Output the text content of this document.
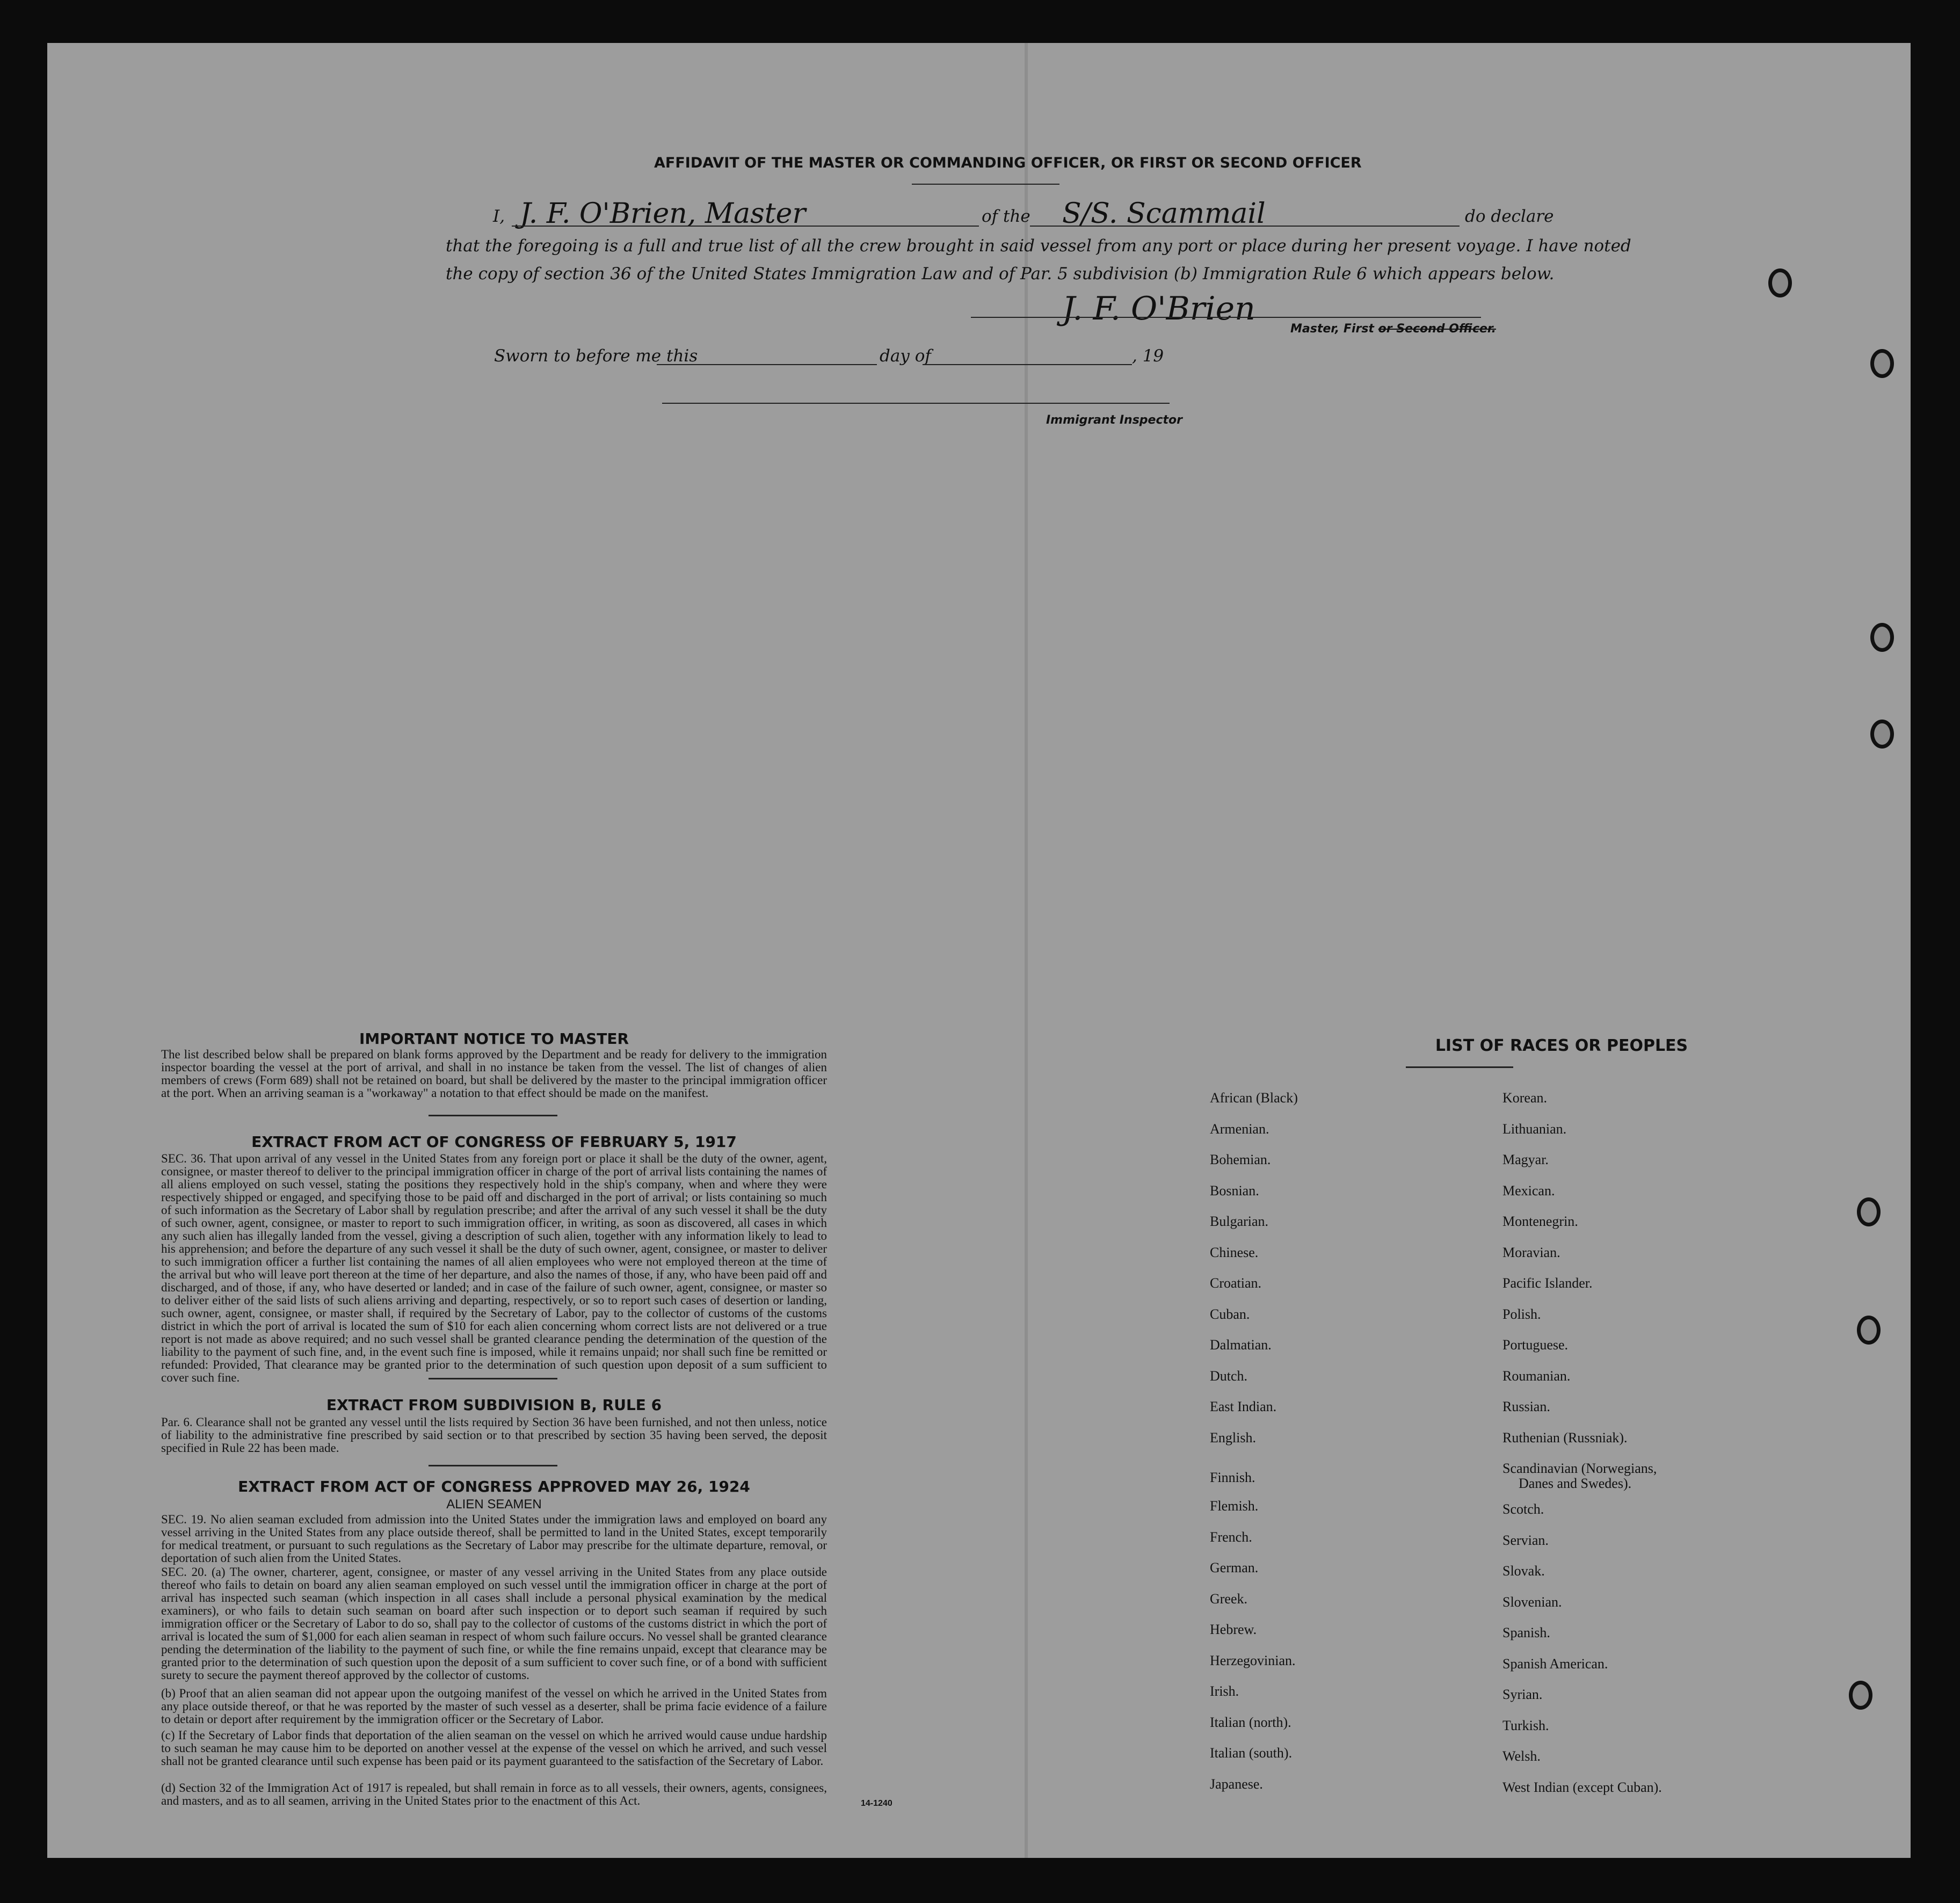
AFFIDAVIT OF THE MASTER OR COMMANDING OFFICER, OR FIRST OR SECOND OFFICER
I, J. F. O'Brien, Master	of the S/S. Scammail	do declare
that the foregoing is a full and true list of all the crew brought in said vessel from any port or place during her present voyage. I have noted
the copy of section 36 of the United States Immigration Law and of Par. 5 subdivision (b) Immigration Rule 6 which appears below.
J. F. O'Brien
Master, First or Second Officer.
Sworn to before me this	day of	, 19
Immigrant Inspector
IMPORTANT NOTICE TO MASTER
The list described below shall be prepared on blank forms approved by the Department and be ready for delivery to the immigration inspector boarding the vessel at the port of arrival, and shall in no instance be taken from the vessel. The list of changes of alien members of crews (Form 689) shall not be retained on board, but shall be delivered by the master to the principal immigration officer at the port. When an arriving seaman is a "workaway" a notation to that effect should be made on the manifest.
EXTRACT FROM ACT OF CONGRESS OF FEBRUARY 5, 1917
SEC. 36. That upon arrival of any vessel in the United States from any foreign port or place it shall be the duty of the owner, agent, consignee, or master thereof to deliver to the principal immigration officer in charge of the port of arrival lists containing the names of all aliens employed on such vessel, stating the positions they respectively hold in the ship's company, when and where they were respectively shipped or engaged, and specifying those to be paid off and discharged in the port of arrival; or lists containing so much of such information as the Secretary of Labor shall by regulation prescribe; and after the arrival of any such vessel it shall be the duty of such owner, agent, consignee, or master to report to such immigration officer, in writing, as soon as discovered, all cases in which any such alien has illegally landed from the vessel, giving a description of such alien, together with any information likely to lead to his apprehension; and before the departure of any such vessel it shall be the duty of such owner, agent, consignee, or master to deliver to such immigration officer a further list containing the names of all alien employees who were not employed thereon at the time of the arrival but who will leave port thereon at the time of her departure, and also the names of those, if any, who have been paid off and discharged, and of those, if any, who have deserted or landed; and in case of the failure of such owner, agent, consignee, or master so to deliver either of the said lists of such aliens arriving and departing, respectively, or so to report such cases of desertion or landing, such owner, agent, consignee, or master shall, if required by the Secretary of Labor, pay to the collector of customs of the customs district in which the port of arrival is located the sum of $10 for each alien concerning whom correct lists are not delivered or a true report is not made as above required; and no such vessel shall be granted clearance pending the determination of the question of the liability to the payment of such fine, and, in the event such fine is imposed, while it remains unpaid; nor shall such fine be remitted or refunded: Provided, That clearance may be granted prior to the determination of such question upon deposit of a sum sufficient to cover such fine.
EXTRACT FROM SUBDIVISION B, RULE 6
Par. 6. Clearance shall not be granted any vessel until the lists required by Section 36 have been furnished, and not then unless, notice of liability to the administrative fine prescribed by said section or to that prescribed by section 35 having been served, the deposit specified in Rule 22 has been made.
EXTRACT FROM ACT OF CONGRESS APPROVED MAY 26, 1924
ALIEN SEAMEN
SEC. 19. No alien seaman excluded from admission into the United States under the immigration laws and employed on board any vessel arriving in the United States from any place outside thereof, shall be permitted to land in the United States, except temporarily for medical treatment, or pursuant to such regulations as the Secretary of Labor may prescribe for the ultimate departure, removal, or deportation of such alien from the United States.
SEC. 20. (a) The owner, charterer, agent, consignee, or master of any vessel arriving in the United States from any place outside thereof who fails to detain on board any alien seaman employed on such vessel until the immigration officer in charge at the port of arrival has inspected such seaman (which inspection in all cases shall include a personal physical examination by the medical examiners), or who fails to detain such seaman on board after such inspection or to deport such seaman if required by such immigration officer or the Secretary of Labor to do so, shall pay to the collector of customs of the customs district in which the port of arrival is located the sum of $1,000 for each alien seaman in respect of whom such failure occurs. No vessel shall be granted clearance pending the determination of the liability to the payment of such fine, or while the fine remains unpaid, except that clearance may be granted prior to the determination of such question upon the deposit of a sum sufficient to cover such fine, or of a bond with sufficient surety to secure the payment thereof approved by the collector of customs.
(b) Proof that an alien seaman did not appear upon the outgoing manifest of the vessel on which he arrived in the United States from any place outside thereof, or that he was reported by the master of such vessel as a deserter, shall be prima facie evidence of a failure to detain or deport after requirement by the immigration officer or the Secretary of Labor.
(c) If the Secretary of Labor finds that deportation of the alien seaman on the vessel on which he arrived would cause undue hardship to such seaman he may cause him to be deported on another vessel at the expense of the vessel on which he arrived, and such vessel shall not be granted clearance until such expense has been paid or its payment guaranteed to the satisfaction of the Secretary of Labor.
(d) Section 32 of the Immigration Act of 1917 is repealed, but shall remain in force as to all vessels, their owners, agents, consignees, and masters, and as to all seamen, arriving in the United States prior to the enactment of this Act.	14-1240
LIST OF RACES OR PEOPLES
African (Black)
Armenian.
Bohemian.
Bosnian.
Bulgarian.
Chinese.
Croatian.
Cuban.
Dalmatian.
Dutch.
East Indian.
English.
Finnish.
Flemish.
French.
German.
Greek.
Hebrew.
Herzegovinian.
Irish.
Italian (north).
Italian (south).
Japanese.
Korean.
Lithuanian.
Magyar.
Mexican.
Montenegrin.
Moravian.
Pacific Islander.
Polish.
Portuguese.
Roumanian.
Russian.
Ruthenian (Russniak).
Scandinavian (Norwegians,
Danes and Swedes).
Scotch.
Servian.
Slovak.
Slovenian.
Spanish.
Spanish American.
Syrian.
Turkish.
Welsh.
West Indian (except Cuban).
